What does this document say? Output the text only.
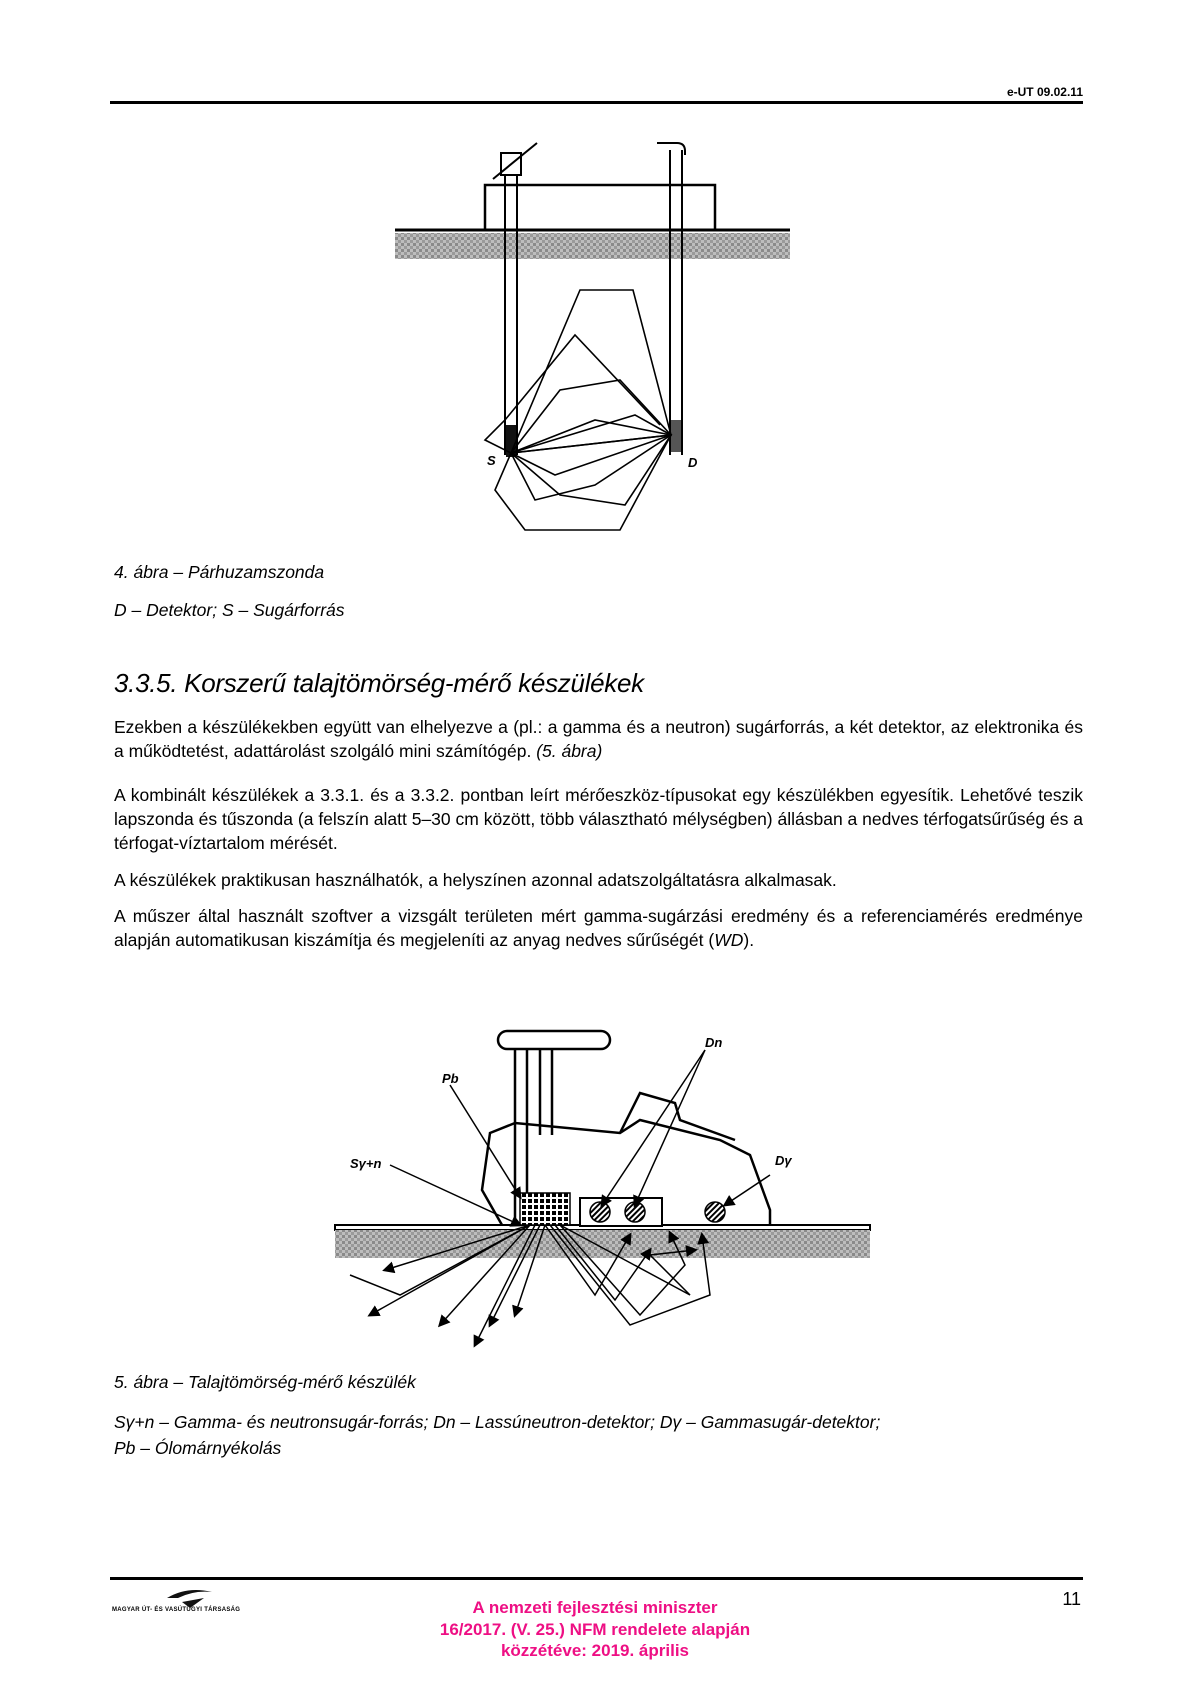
e-UT 09.02.11
S	D
4. ábra – Párhuzamszonda
D – Detektor; S – Sugárforrás
3.3.5. Korszerű talajtömörség-mérő készülékek
Ezekben a készülékekben együtt van elhelyezve a (pl.: a gamma és a neutron) sugárforrás, a két detektor, az elektronika és a működtetést, adattárolást szolgáló mini számítógép. (5. ábra)
A kombinált készülékek a 3.3.1. és a 3.3.2. pontban leírt mérőeszköz-típusokat egy készülékben egyesítik. Lehetővé teszik lapszonda és tűszonda (a felszín alatt 5–30 cm között, több választható mélységben) állásban a nedves térfogatsűrűség és a térfogat-víztartalom mérését.
A készülékek praktikusan használhatók, a helyszínen azonnal adatszolgáltatásra alkalmasak.
A műszer által használt szoftver a vizsgált területen mért gamma-sugárzási eredmény és a referenciamérés eredménye alapján automatikusan kiszámítja és megjeleníti az anyag nedves sűrűségét (WD).
Pb
Dn
Dγ
Sγ+n
5. ábra – Talajtömörség-mérő készülék
Sγ+n – Gamma- és neutronsugár-forrás; Dn – Lassúneutron-detektor; Dγ – Gammasugár-detektor;
Pb – Ólomárnyékolás
MAGYAR ÚT- ÉS VASÚTÜGYI TÁRSASÁG	A nemzeti fejlesztési miniszter
16/2017. (V. 25.) NFM rendelete alapján
közzétéve: 2019. április
11
